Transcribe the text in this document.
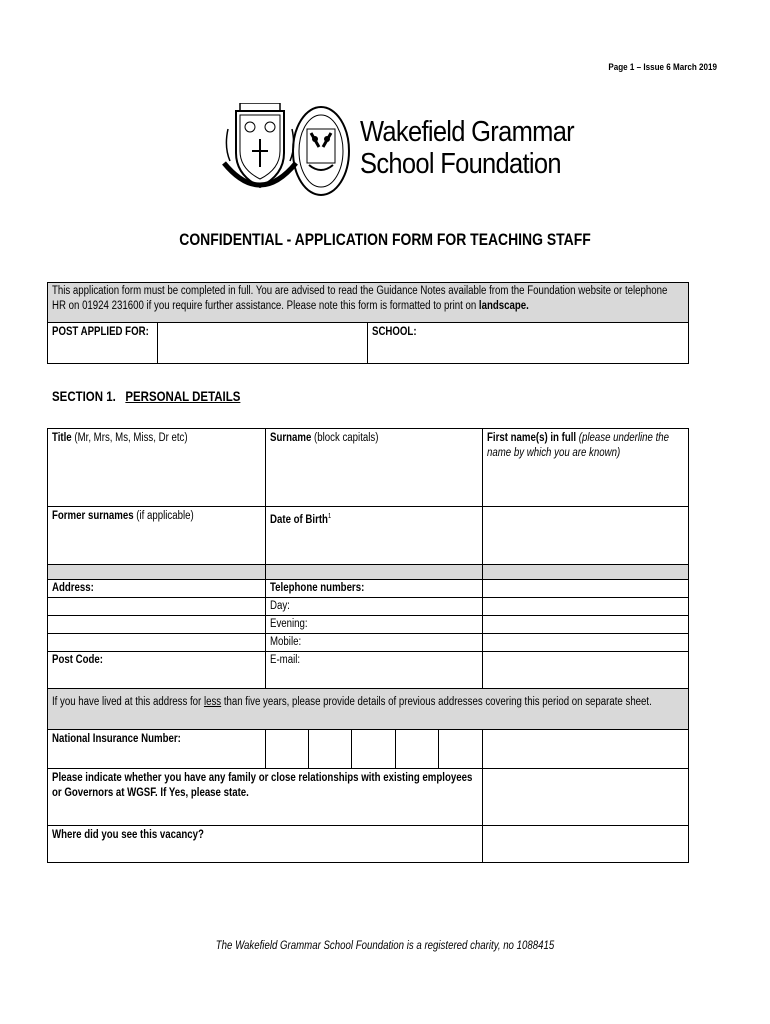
Page 1 – Issue 6 March 2019
Wakefield Grammar
School Foundation
CONFIDENTIAL - APPLICATION FORM FOR TEACHING STAFF
This application form must be completed in full. You are advised to read the Guidance Notes available from the Foundation website or telephone HR on 01924 231600 if you require further assistance. Please note this form is formatted to print on landscape.

POST APPLIED FOR:		SCHOOL:
SECTION 1. PERSONAL DETAILS
Title (Mr, Mrs, Ms, Miss, Dr etc)	Surname (block capitals)					First name(s) in full (please underline the name by which you are known)

Former surnames (if applicable)	Date of Birth$^1$	

Address:	Telephone numbers:					
	Day:					
	Evening:					
	Mobile:					
Post Code:	E-mail:					
If you have lived at this address for less than five years, please provide details of previous addresses covering this period on separate sheet.						
National Insurance Number:						

Please indicate whether you have any family or close relationships with existing employees or Governors at WGSF. If Yes, please state.						

Where did you see this vacancy?						
The Wakefield Grammar School Foundation is a registered charity, no 1088415
